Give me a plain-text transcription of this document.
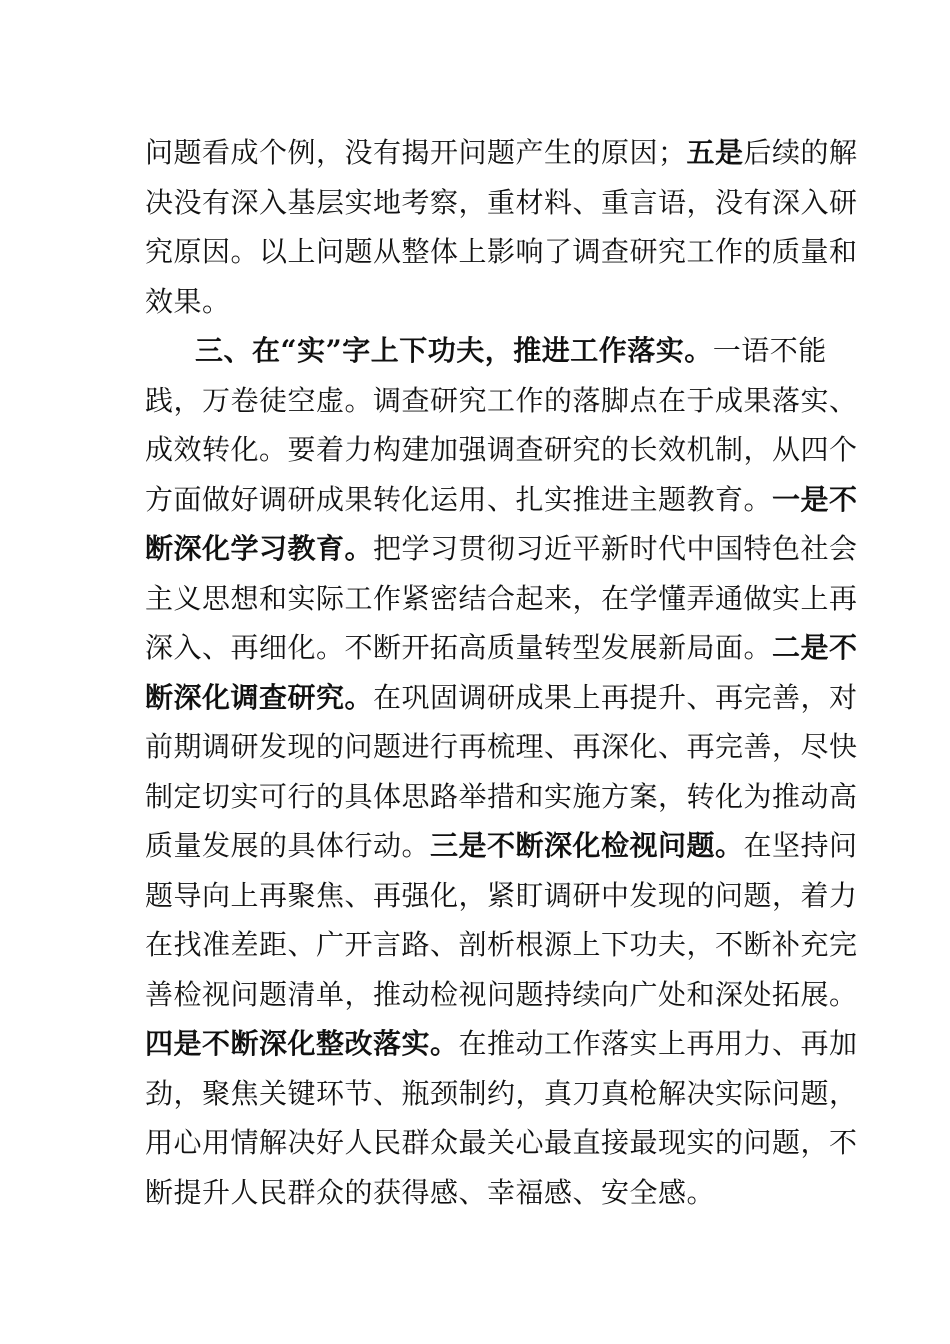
问题看成个例，没有揭开问题产生的原因；五是后续的解
决没有深入基层实地考察，重材料、重言语，没有深入研
究原因。以上问题从整体上影响了调查研究工作的质量和
效果。
三、在“实”字上下功夫，推进工作落实。一语不能
践，万卷徒空虚。调查研究工作的落脚点在于成果落实、
成效转化。要着力构建加强调查研究的长效机制，从四个
方面做好调研成果转化运用、扎实推进主题教育。一是不
断深化学习教育。把学习贯彻习近平新时代中国特色社会
主义思想和实际工作紧密结合起来，在学懂弄通做实上再
深入、再细化。不断开拓高质量转型发展新局面。二是不
断深化调查研究。在巩固调研成果上再提升、再完善，对
前期调研发现的问题进行再梳理、再深化、再完善，尽快
制定切实可行的具体思路举措和实施方案，转化为推动高
质量发展的具体行动。三是不断深化检视问题。在坚持问
题导向上再聚焦、再强化，紧盯调研中发现的问题，着力
在找准差距、广开言路、剖析根源上下功夫，不断补充完
善检视问题清单，推动检视问题持续向广处和深处拓展。
四是不断深化整改落实。在推动工作落实上再用力、再加
劲，聚焦关键环节、瓶颈制约，真刀真枪解决实际问题，
用心用情解决好人民群众最关心最直接最现实的问题，不
断提升人民群众的获得感、幸福感、安全感。
